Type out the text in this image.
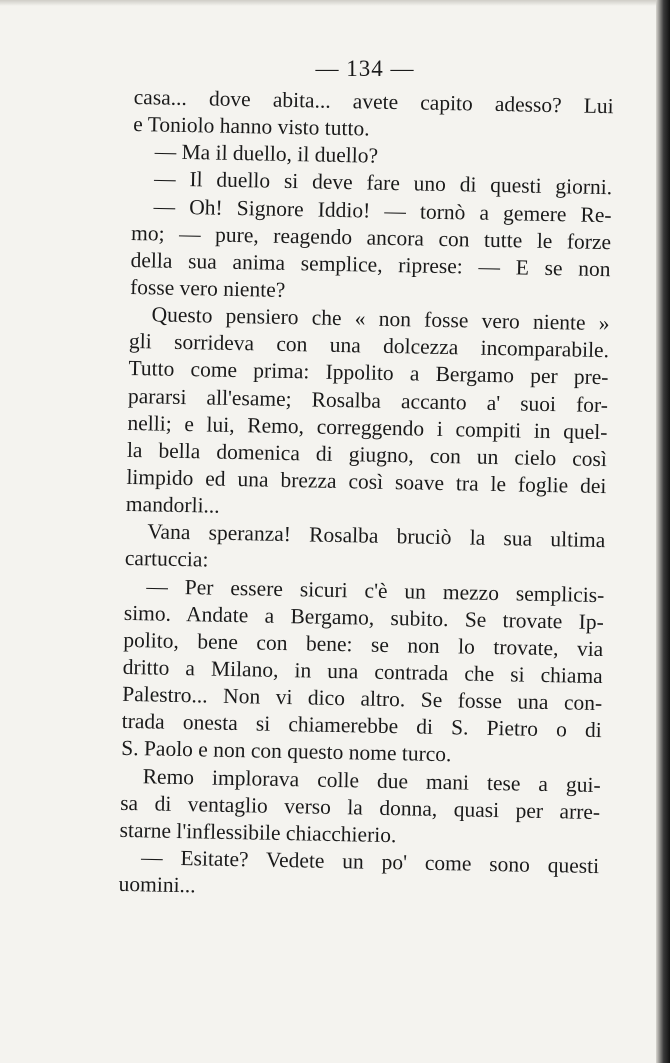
— 134 —
casa... dove abita... avete capito adesso? Lui
e Toniolo hanno visto tutto.
— Ma il duello, il duello?
— Il duello si deve fare uno di questi giorni.
— Oh! Signore Iddio! — tornò a gemere Re-
mo; — pure, reagendo ancora con tutte le forze
della sua anima semplice, riprese: — E se non
fosse vero niente?
Questo pensiero che « non fosse vero niente »
gli sorrideva con una dolcezza incomparabile.
Tutto come prima: Ippolito a Bergamo per pre-
pararsi all'esame; Rosalba accanto a' suoi for-
nelli; e lui, Remo, correggendo i compiti in quel-
la bella domenica di giugno, con un cielo così
limpido ed una brezza così soave tra le foglie dei
mandorli...
Vana speranza! Rosalba bruciò la sua ultima
cartuccia:
— Per essere sicuri c'è un mezzo semplicis-
simo. Andate a Bergamo, subito. Se trovate Ip-
polito, bene con bene: se non lo trovate, via
dritto a Milano, in una contrada che si chiama
Palestro... Non vi dico altro. Se fosse una con-
trada onesta si chiamerebbe di S. Pietro o di
S. Paolo e non con questo nome turco.
Remo implorava colle due mani tese a gui-
sa di ventaglio verso la donna, quasi per arre-
starne l'inflessibile chiacchierio.
— Esitate? Vedete un po' come sono questi
uomini...
